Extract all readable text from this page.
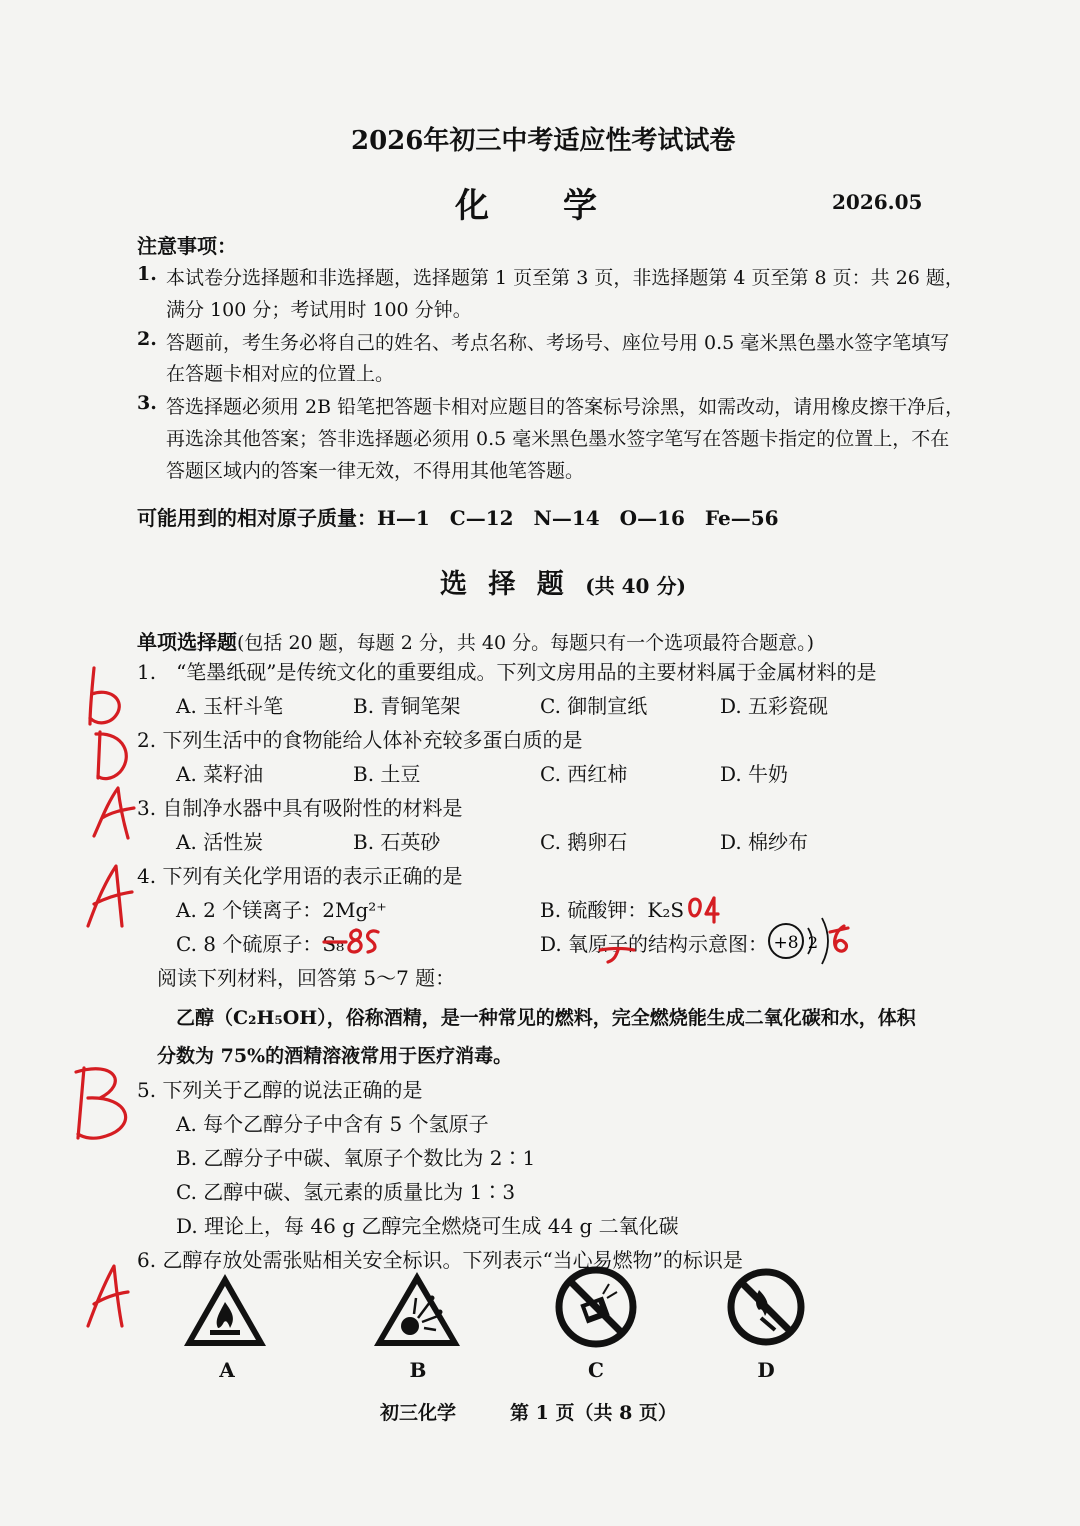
2026年初三中考适应性考试试卷
化　　学	2026.05
注意事项：
1. 本试卷分选择题和非选择题，选择题第 1 页至第 3 页，非选择题第 4 页至第 8 页：共 26 题，
满分 100 分；考试用时 100 分钟。
2. 答题前，考生务必将自己的姓名、考点名称、考场号、座位号用 0.5 毫米黑色墨水签字笔填写
在答题卡相对应的位置上。
3. 答选择题必须用 2B 铅笔把答题卡相对应题目的答案标号涂黑，如需改动，请用橡皮擦干净后，
再选涂其他答案；答非选择题必须用 0.5 毫米黑色墨水签字笔写在答题卡指定的位置上，不在
答题区域内的答案一律无效，不得用其他笔答题。
可能用到的相对原子质量：H—1　C—12　N—14　O—16　Fe—56
选 择 题 (共 40 分)
单项选择题(包括 20 题，每题 2 分，共 40 分。每题只有一个选项最符合题意。)
1.　“笔墨纸砚”是传统文化的重要组成。下列文房用品的主要材料属于金属材料的是
A. 玉杆斗笔	B. 青铜笔架	C. 御制宣纸	D. 五彩瓷砚
2. 下列生活中的食物能给人体补充较多蛋白质的是
A. 菜籽油	B. 土豆	C. 西红柿	D. 牛奶
3. 自制净水器中具有吸附性的材料是
A. 活性炭	B. 石英砂	C. 鹅卵石	D. 棉纱布
4. 下列有关化学用语的表示正确的是
A. 2 个镁离子：2Mg²⁺	B. 硫酸钾：K₂S
C. 8 个硫原子：S₈	D. 氧原子的结构示意图： +8 2
阅读下列材料，回答第 5～7 题：
乙醇（C₂H₅OH），俗称酒精，是一种常见的燃料，完全燃烧能生成二氧化碳和水，体积
分数为 75%的酒精溶液常用于医疗消毒。
5. 下列关于乙醇的说法正确的是
A. 每个乙醇分子中含有 5 个氢原子
B. 乙醇分子中碳、氧原子个数比为 2∶1
C. 乙醇中碳、氢元素的质量比为 1∶3
D. 理论上，每 46 g 乙醇完全燃烧可生成 44 g 二氧化碳
6. 乙醇存放处需张贴相关安全标识。下列表示“当心易燃物”的标识是
A	B	C	D
初三化学	第 1 页（共 8 页）
